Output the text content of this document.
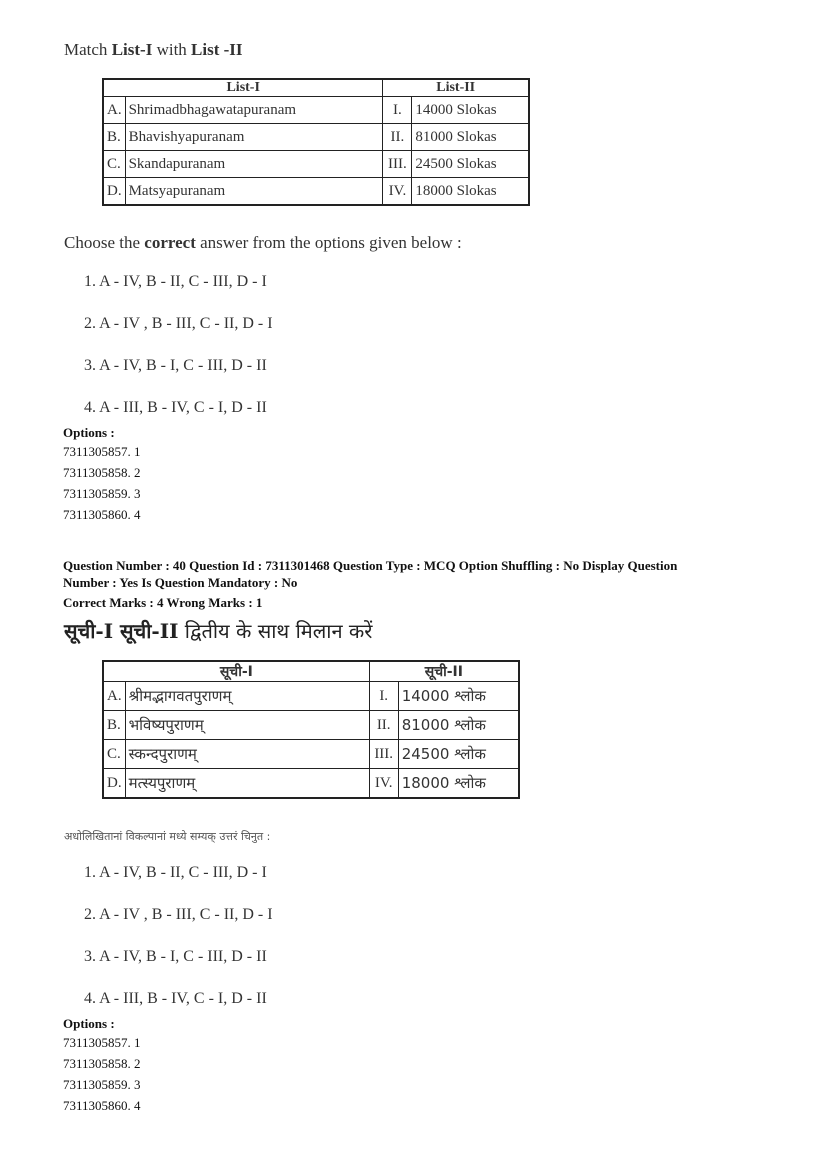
Match List-I with List -II
List-I		List-II	
A.	Shrimadbhagawatapuranam	I.	14000 Slokas
B.	Bhavishyapuranam	II.	81000 Slokas
C.	Skandapuranam	III.	24500 Slokas
D.	Matsyapuranam	IV.	18000 Slokas
Choose the correct answer from the options given below :
1. A - IV, B - II, C - III, D - I
2. A - IV , B - III, C - II, D - I
3. A - IV, B - I, C - III, D - II
4. A - III, B - IV, C - I, D - II
Options :
7311305857. 1
7311305858. 2
7311305859. 3
7311305860. 4
Question Number : 40 Question Id : 7311301468 Question Type : MCQ Option Shuffling : No Display Question
Number : Yes Is Question Mandatory : No
Correct Marks : 4 Wrong Marks : 1
सूची-I सूची-II द्वितीय के साथ मिलान करें
सूची-I		सूची-II	
A.	श्रीमद्भागवतपुराणम्	I.	14000 श्लोक
B.	भविष्यपुराणम्	II.	81000 श्लोक
C.	स्कन्दपुराणम्	III.	24500 श्लोक
D.	मत्स्यपुराणम्	IV.	18000 श्लोक
अधोलिखितानां विकल्पानां मध्ये सम्यक् उत्तरं चिनुत :
1. A - IV, B - II, C - III, D - I
2. A - IV , B - III, C - II, D - I
3. A - IV, B - I, C - III, D - II
4. A - III, B - IV, C - I, D - II
Options :
7311305857. 1
7311305858. 2
7311305859. 3
7311305860. 4
